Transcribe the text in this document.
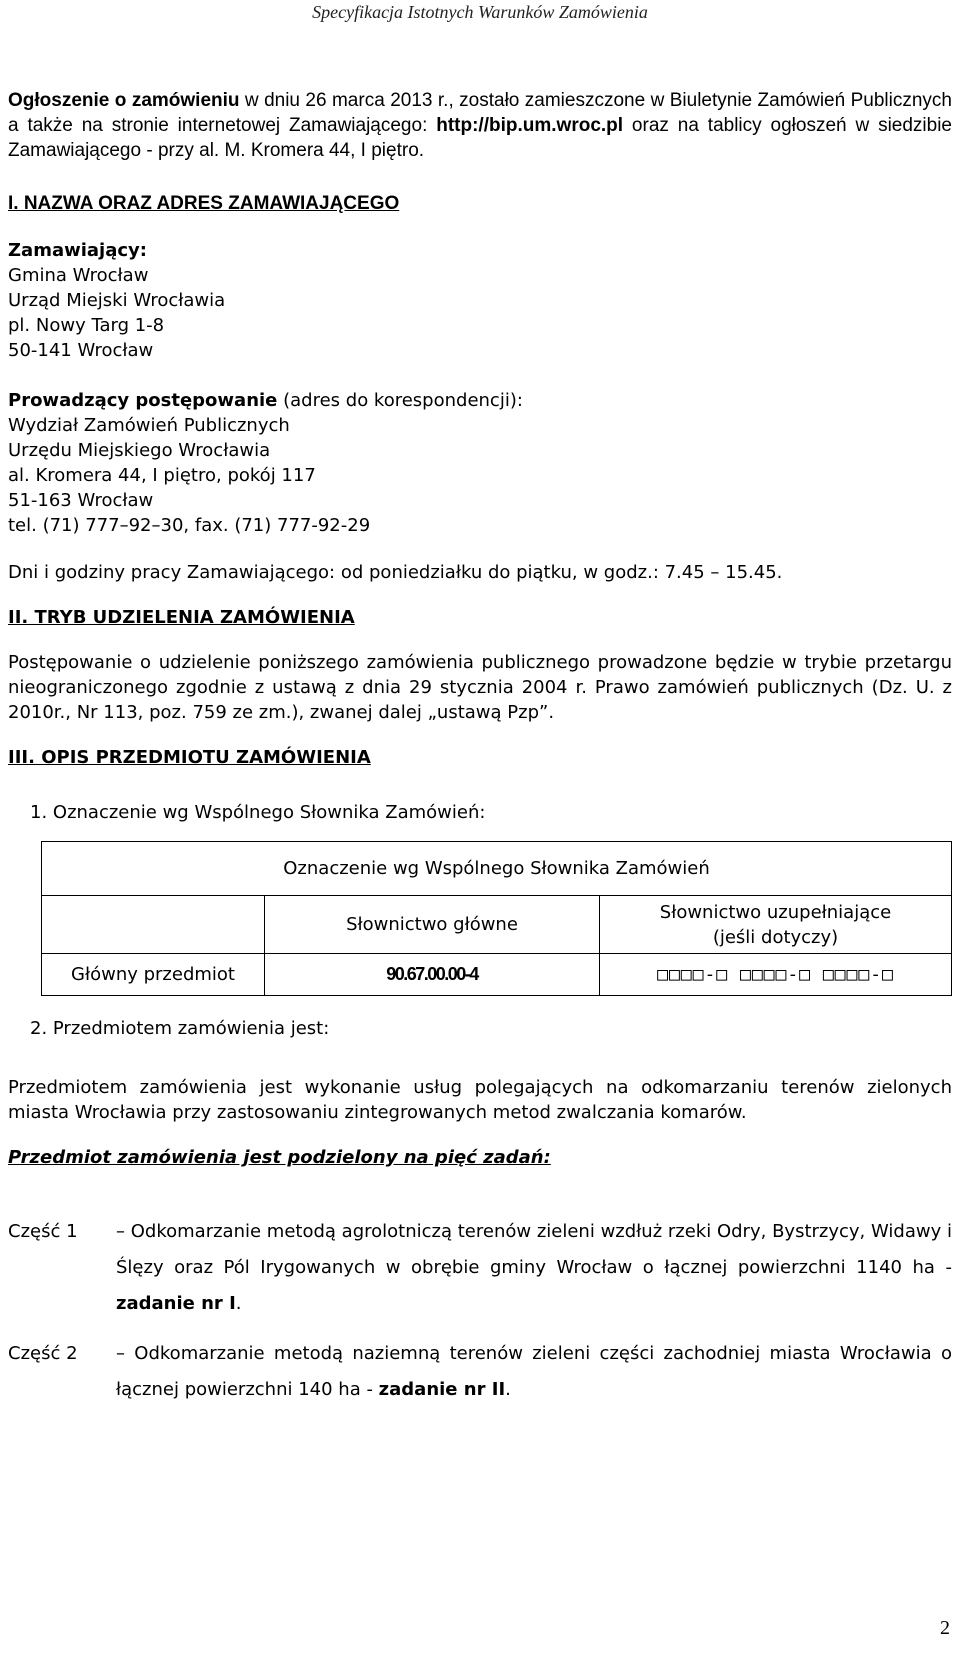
Specyfikacja Istotnych Warunków Zamówienia

Ogłoszenie o zamówieniu w dniu 26 marca 2013 r., zostało zamieszczone w Biuletynie Zamówień Publicznych a także na stronie internetowej Zamawiającego: http://bip.um.wroc.pl oraz na tablicy ogłoszeń w siedzibie Zamawiającego - przy al. M. Kromera 44, I piętro.

I. NAZWA ORAZ ADRES ZAMAWIAJĄCEGO

Zamawiający:
Gmina Wrocław
Urząd Miejski Wrocławia
pl. Nowy Targ 1-8
50-141 Wrocław

Prowadzący postępowanie (adres do korespondencji):
Wydział Zamówień Publicznych
Urzędu Miejskiego Wrocławia
al. Kromera 44, I piętro, pokój 117
51-163 Wrocław
tel. (71) 777–92–30, fax. (71) 777-92-29

Dni i godziny pracy Zamawiającego: od poniedziałku do piątku, w godz.: 7.45 – 15.45.

II. TRYB UDZIELENIA ZAMÓWIENIA

Postępowanie o udzielenie poniższego zamówienia publicznego prowadzone będzie w trybie przetargu nieograniczonego zgodnie z ustawą z dnia 29 stycznia 2004 r. Prawo zamówień publicznych (Dz. U. z 2010r., Nr 113, poz. 759 ze zm.), zwanej dalej „ustawą Pzp”.

III. OPIS PRZEDMIOTU ZAMÓWIENIA

1. Oznaczenie wg Wspólnego Słownika Zamówień:

Oznaczenie wg Wspólnego Słownika Zamówień		
	Słownictwo główne	Słownictwo uzupełniające
(jeśli dotyczy)
Główny przedmiot	90.67.00.00-4	□□□□-□ □□□□-□ □□□□-□

2. Przedmiotem zamówienia jest:

Przedmiotem zamówienia jest wykonanie usług polegających na odkomarzaniu terenów zielonych miasta Wrocławia przy zastosowaniu zintegrowanych metod zwalczania komarów.

Przedmiot zamówienia jest podzielony na pięć zadań:

Część 1	– Odkomarzanie metodą agrolotniczą terenów zieleni wzdłuż rzeki Odry, Bystrzycy, Widawy i Ślęzy oraz Pól Irygowanych w obrębie gminy Wrocław o łącznej powierzchni 1140 ha - zadanie nr I.
Część 2	– Odkomarzanie metodą naziemną terenów zieleni części zachodniej miasta Wrocławia o łącznej powierzchni 140 ha - zadanie nr II.
2
